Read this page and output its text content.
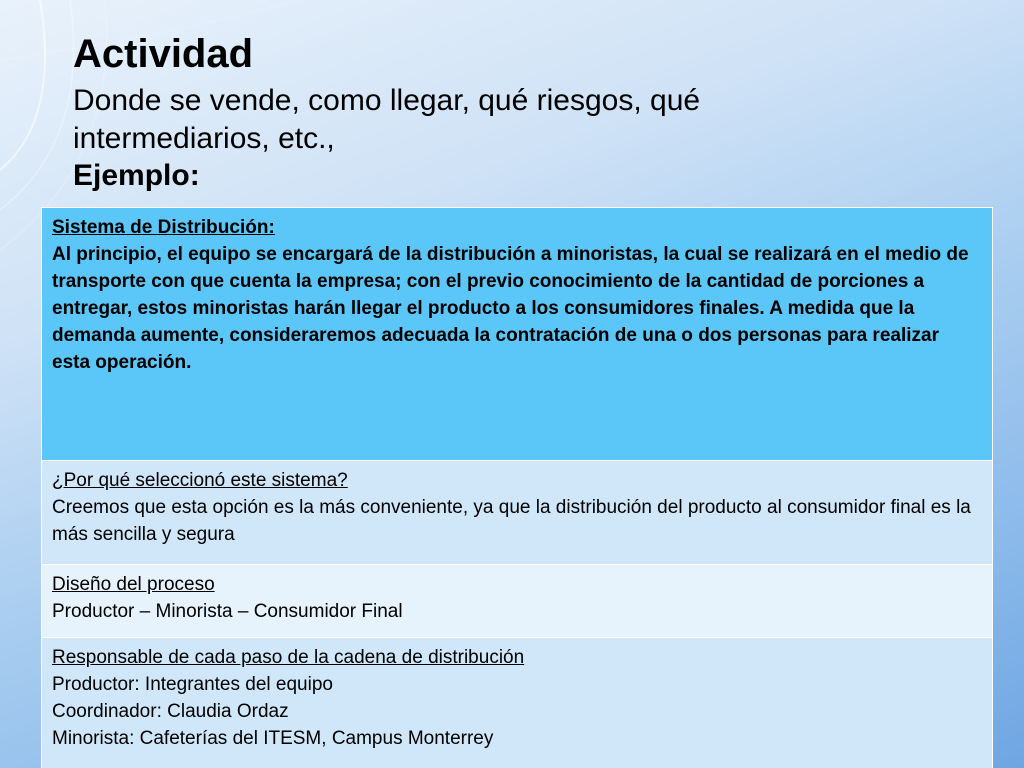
Actividad

Donde se vende, como llegar, qué riesgos, qué intermediarios, etc.,

Ejemplo:

Sistema de Distribución:
Al principio, el equipo se encargará de la distribución a minoristas, la cual se realizará en el medio de transporte con que cuenta la empresa; con el previo conocimiento de la cantidad de porciones a entregar, estos minoristas harán llegar el producto a los consumidores finales. A medida que la demanda aumente, consideraremos adecuada la contratación de una o dos personas para realizar esta operación.

¿Por qué seleccionó este sistema?
Creemos que esta opción es la más conveniente, ya que la distribución del producto al consumidor final es la más sencilla y segura

Diseño del proceso
Productor – Minorista – Consumidor Final

Responsable de cada paso de la cadena de distribución
Productor: Integrantes del equipo
Coordinador: Claudia Ordaz
Minorista: Cafeterías del ITESM, Campus Monterrey
